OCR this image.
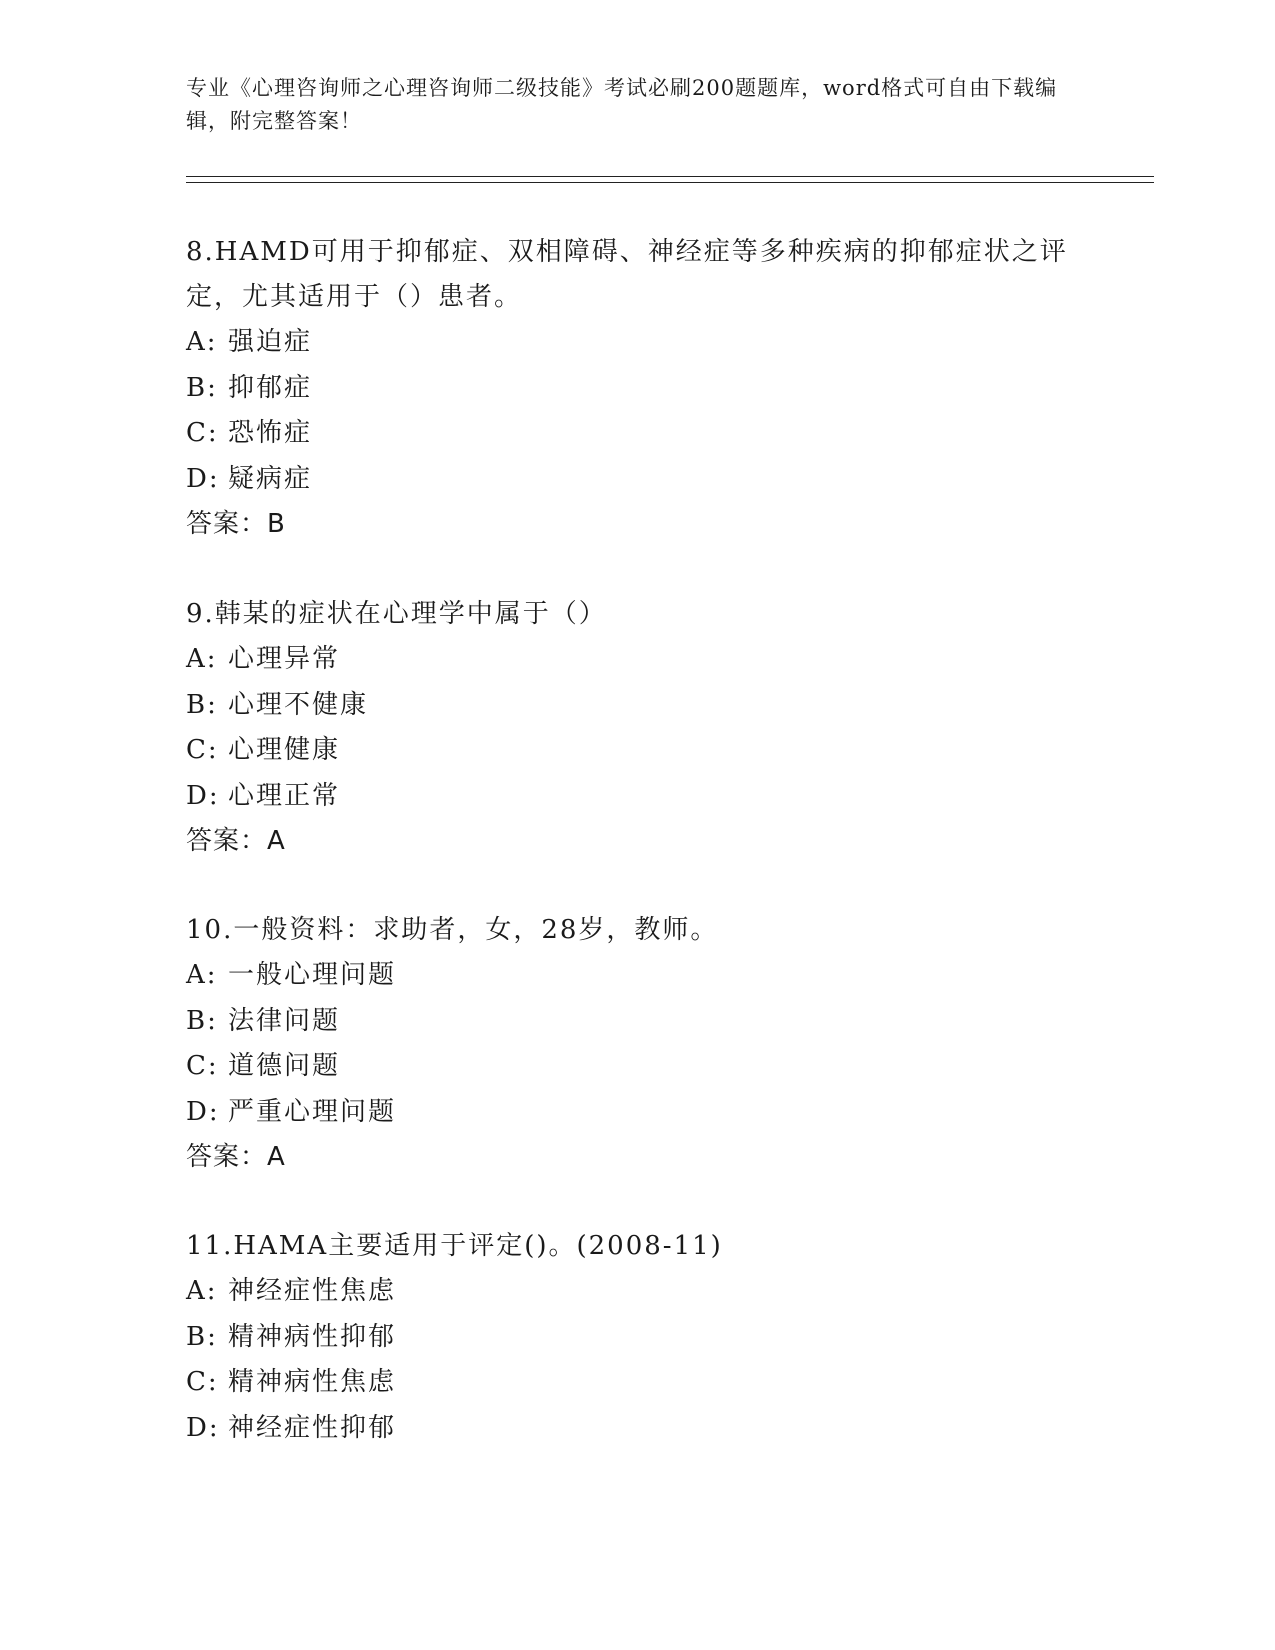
专业《心理咨询师之心理咨询师二级技能》考试必刷200题题库，word格式可自由下载编辑，附完整答案！

8.HAMD可用于抑郁症、双相障碍、神经症等多种疾病的抑郁症状之评定，尤其适用于（）患者。

A: 强迫症

B: 抑郁症

C: 恐怖症

D: 疑病症

答案：B

9.韩某的症状在心理学中属于（）

A: 心理异常

B: 心理不健康

C: 心理健康

D: 心理正常

答案：A

10.一般资料：求助者，女，28岁，教师。

A: 一般心理问题

B: 法律问题

C: 道德问题

D: 严重心理问题

答案：A

11.HAMA主要适用于评定()。(2008-11)

A: 神经症性焦虑

B: 精神病性抑郁

C: 精神病性焦虑

D: 神经症性抑郁
